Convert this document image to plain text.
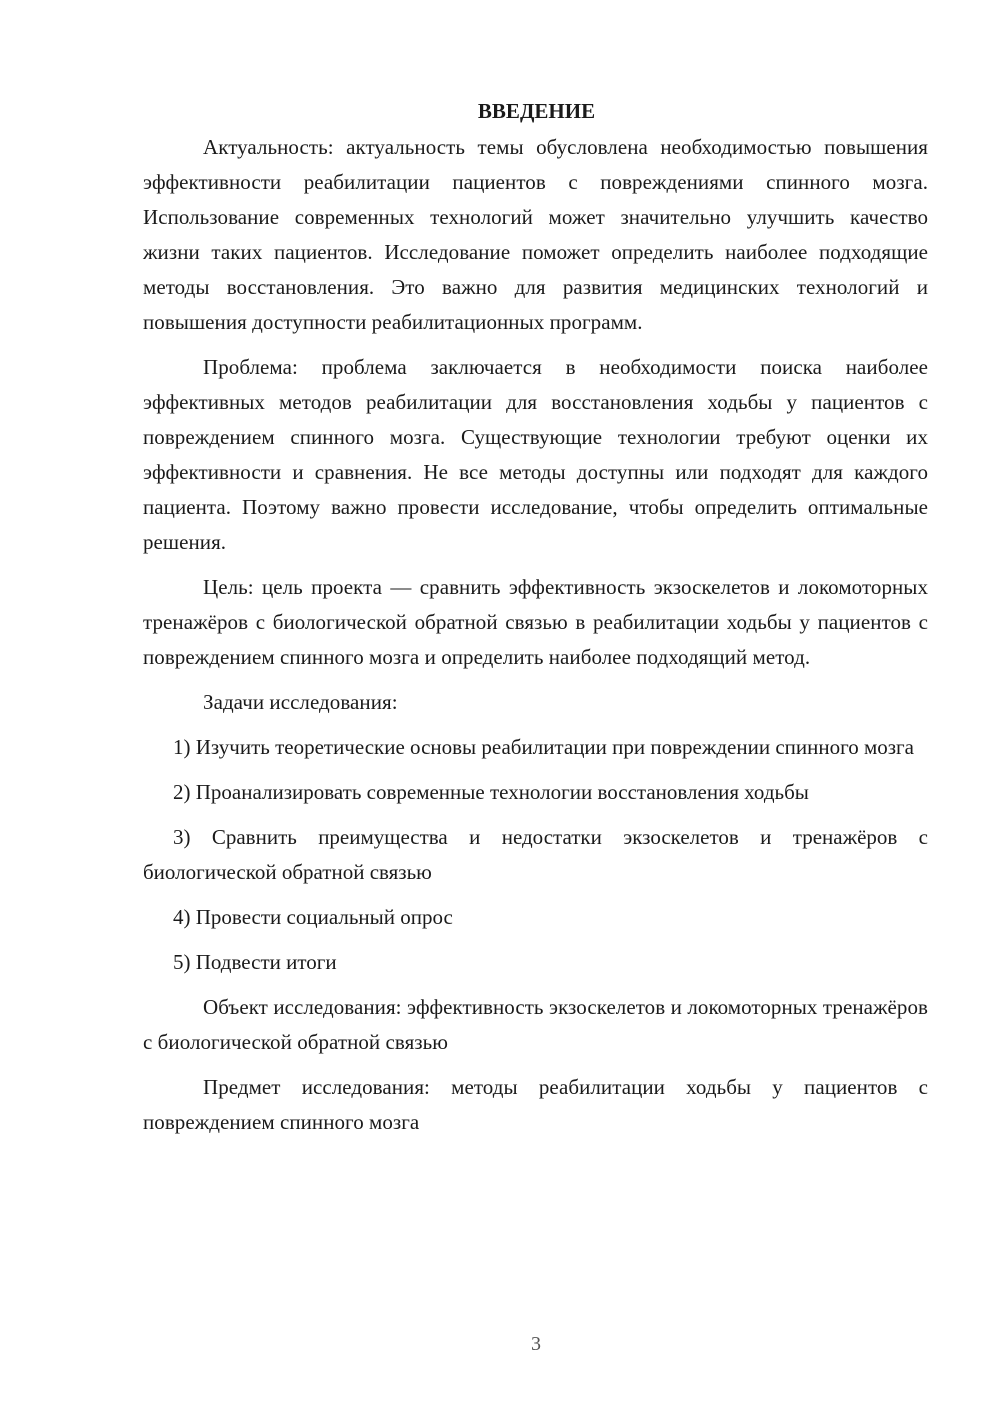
ВВЕДЕНИЕ

Актуальность: актуальность темы обусловлена необходимостью повышения эффективности реабилитации пациентов с повреждениями спинного мозга. Использование современных технологий может значительно улучшить качество жизни таких пациентов. Исследование поможет определить наиболее подходящие методы восстановления. Это важно для развития медицинских технологий и повышения доступности реабилитационных программ.

Проблема: проблема заключается в необходимости поиска наиболее эффективных методов реабилитации для восстановления ходьбы у пациентов с повреждением спинного мозга. Существующие технологии требуют оценки их эффективности и сравнения. Не все методы доступны или подходят для каждого пациента. Поэтому важно провести исследование, чтобы определить оптимальные решения.

Цель: цель проекта — сравнить эффективность экзоскелетов и локомоторных тренажёров с биологической обратной связью в реабилитации ходьбы у пациентов с повреждением спинного мозга и определить наиболее подходящий метод.

Задачи исследования:

1) Изучить теоретические основы реабилитации при повреждении спинного мозга

2) Проанализировать современные технологии восстановления ходьбы

3) Сравнить преимущества и недостатки экзоскелетов и тренажёров с биологической обратной связью

4) Провести социальный опрос

5) Подвести итоги

Объект исследования: эффективность экзоскелетов и локомоторных тренажёров с биологической обратной связью

Предмет исследования: методы реабилитации ходьбы у пациентов с повреждением спинного мозга

3
